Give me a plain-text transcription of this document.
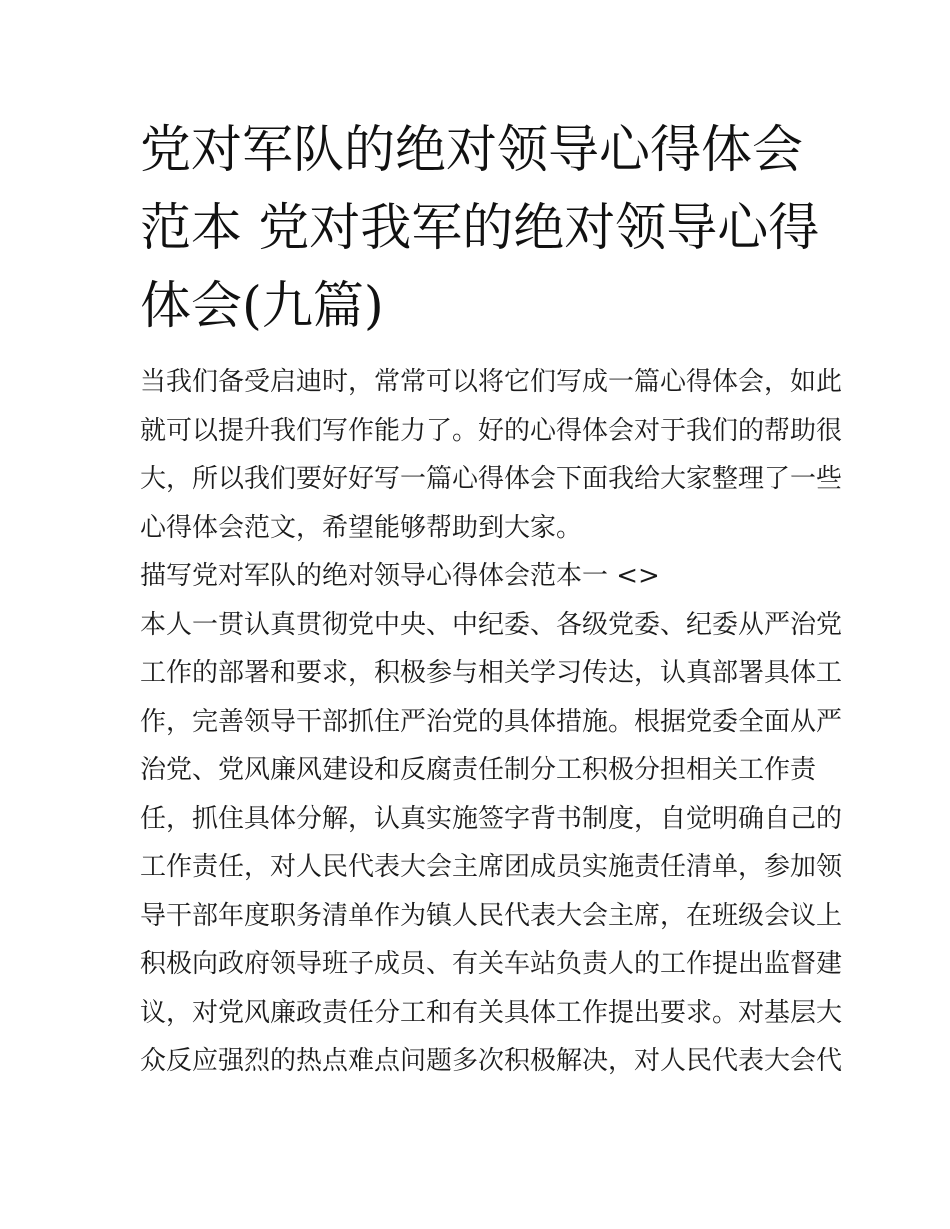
党对军队的绝对领导心得体会
范本 党对我军的绝对领导心得
体会(九篇)

当我们备受启迪时，常常可以将它们写成一篇心得体会，如此
就可以提升我们写作能力了。好的心得体会对于我们的帮助很
大，所以我们要好好写一篇心得体会下面我给大家整理了一些
心得体会范文，希望能够帮助到大家。

描写党对军队的绝对领导心得体会范本一 <>

本人一贯认真贯彻党中央、中纪委、各级党委、纪委从严治党
工作的部署和要求，积极参与相关学习传达，认真部署具体工
作，完善领导干部抓住严治党的具体措施。根据党委全面从严
治党、党风廉风建设和反腐责任制分工积极分担相关工作责
任，抓住具体分解，认真实施签字背书制度，自觉明确自己的
工作责任，对人民代表大会主席团成员实施责任清单，参加领
导干部年度职务清单作为镇人民代表大会主席，在班级会议上
积极向政府领导班子成员、有关车站负责人的工作提出监督建
议，对党风廉政责任分工和有关具体工作提出要求。对基层大
众反应强烈的热点难点问题多次积极解决，对人民代表大会代
